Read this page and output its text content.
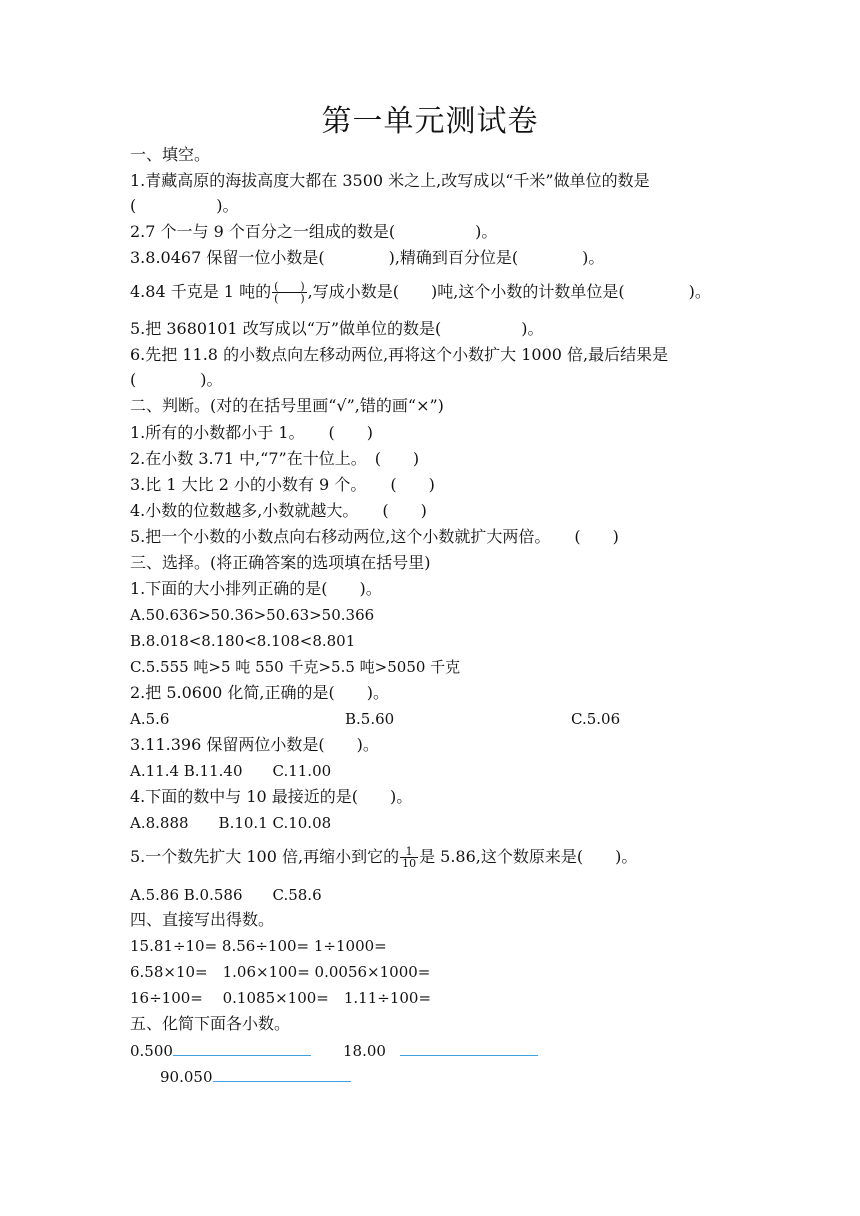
第一单元测试卷
一、填空。
1.青藏高原的海拔高度大都在 3500 米之上,改写成以“千米”做单位的数是
(　　　　　)。
2.7 个一与 9 个百分之一组成的数是(　　　　　)。
3.8.0467 保留一位小数是(　　　　),精确到百分位是(　　　　)。
4.84 千克是 1 吨的 $\frac{( )}{( )}$ ,写成小数是(　　)吨,这个小数的计数单位是(　　　　)。
5.把 3680101 改写成以“万”做单位的数是(　　　　　)。
6.先把 11.8 的小数点向左移动两位,再将这个小数扩大 1000 倍,最后结果是
(　　　　)。
二、判断。(对的在括号里画“√”,错的画“×”)
1.所有的小数都小于 1。　　(　　)
2.在小数 3.71 中,“7”在十位上。　(　　)
3.比 1 大比 2 小的小数有 9 个。　　(　　)
4.小数的位数越多,小数就越大。　　(　　)
5.把一个小数的小数点向右移动两位,这个小数就扩大两倍。　　(　　)
三、选择。(将正确答案的选项填在括号里)
1.下面的大小排列正确的是(　　)。
A.50.636>50.36>50.63>50.366
B.8.018<8.180<8.108<8.801
C.5.555 吨>5 吨 550 千克>5.5 吨>5050 千克
2.把 5.0600 化简,正确的是(　　)。
A.5.6	B.5.60	C.5.06
3.11.396 保留两位小数是(　　)。
A.11.4 B.11.40　　C.11.00
4.下面的数中与 10 最接近的是(　　)。
A.8.888　　B.10.1 C.10.08
5.一个数先扩大 100 倍,再缩小到它的 $\frac{1}{10}$ 是 5.86,这个数原来是(　　)。
A.5.86 B.0.586　　C.58.6
四、直接写出得数。
15.81÷10= 8.56÷100= 1÷1000=
6.58×10=　1.06×100= 0.0056×1000=
16÷100=　 0.1085×100=　1.11÷100=
五、化简下面各小数。
0.500	18.00
90.050
